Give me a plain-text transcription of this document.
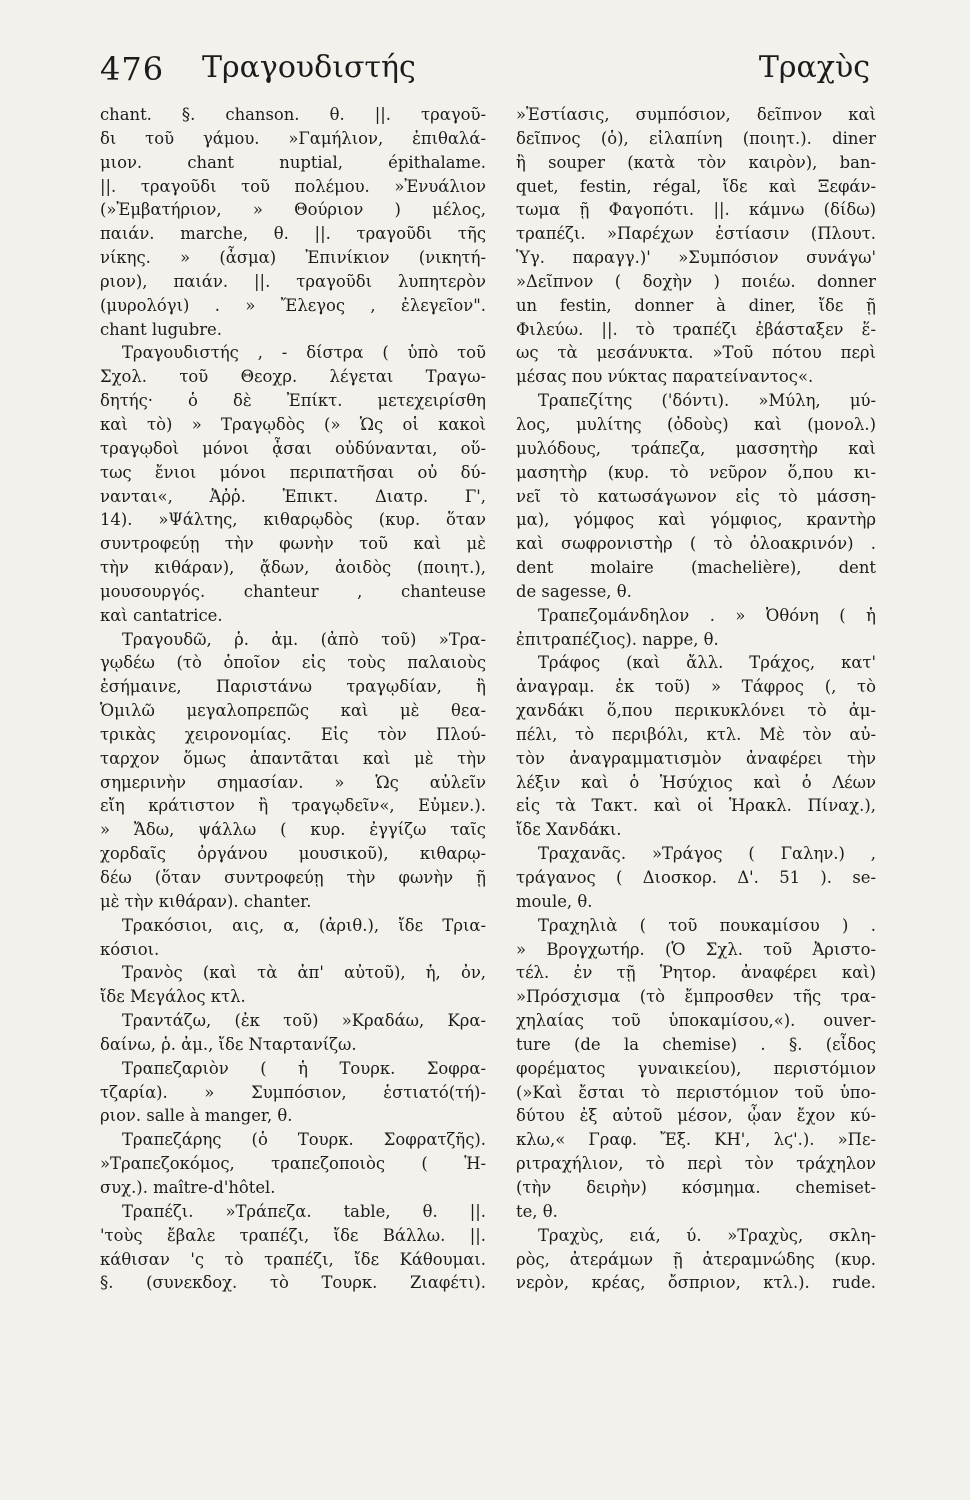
476 Τραγουδιστής	Τραχὺς
chant. §. chanson. θ. ||. τραγοῦ-
δι τοῦ γάμου. »Γαμήλιον, ἐπιθαλά-
μιον. chant nuptial, épithalame.
||. τραγοῦδι τοῦ πολέμου. »Ἐνυάλιον
(»Ἐμβατήριον, » Θούριον ) μέλος,
παιάν. marche, θ. ||. τραγοῦδι τῆς
νίκης. » (ἆσμα) Ἐπινίκιον (νικητή-
ριον), παιάν. ||. τραγοῦδι λυπητερὸν
(μυρολόγι) . » Ἔλεγος , ἐλεγεῖον".
chant lugubre.
Τραγουδιστής , - δίστρα ( ὑπὸ τοῦ
Σχολ. τοῦ Θεοχρ. λέγεται Τραγω-
δητής· ὁ δὲ Ἐπίκτ. μετεχειρίσθη
καὶ τὸ) » Τραγῳδὸς (» Ὡς οἱ κακοὶ
τραγῳδοὶ μόνοι ᾆσαι οὐδύνανται, οὕ-
τως ἔνιοι μόνοι περιπατῆσαι οὐ δύ-
νανται«, Ἀῤῥ. Ἐπικτ. Διατρ. Γ',
14). »Ψάλτης, κιθαρῳδὸς (κυρ. ὅταν
συντροφεύῃ τὴν φωνὴν τοῦ καὶ μὲ
τὴν κιθάραν), ᾄδων, ἀοιδὸς (ποιητ.),
μουσουργός. chanteur , chanteuse
καὶ cantatrice.
Τραγουδῶ, ῥ. ἀμ. (ἀπὸ τοῦ) »Τρα-
γῳδέω (τὸ ὁποῖον εἰς τοὺς παλαιοὺς
ἐσήμαινε, Παριστάνω τραγῳδίαν, ἢ
Ὁμιλῶ μεγαλοπρεπῶς καὶ μὲ θεα-
τρικὰς χειρονομίας. Εἰς τὸν Πλού-
ταρχον ὅμως ἀπαντᾶται καὶ μὲ τὴν
σημερινὴν σημασίαν. » Ὡς αὐλεῖν
εἴη κράτιστον ἢ τραγῳδεῖν«, Εὐμεν.).
» Ἄδω, ψάλλω ( κυρ. ἐγγίζω ταῖς
χορδαῖς ὀργάνου μουσικοῦ), κιθαρῳ-
δέω (ὅταν συντροφεύῃ τὴν φωνὴν ῇ
μὲ τὴν κιθάραν). chanter.
Τρακόσιοι, αις, α, (ἀριθ.), ἴδε Τρια-
κόσιοι.
Τρανὸς (καὶ τὰ ἀπ' αὐτοῦ), ἡ, ὀν,
ἴδε Μεγάλος κτλ.
Τραντάζω, (ἐκ τοῦ) »Κραδάω, Κρα-
δαίνω, ῥ. ἀμ., ἴδε Νταρτανίζω.
Τραπεζαριὸν ( ἡ Τουρκ. Σοφρα-
τζαρία). » Συμπόσιον, ἑστιατό(τή)-
ριον. salle à manger, θ.
Τραπεζάρης (ὁ Τουρκ. Σοφρατζῆς).
»Τραπεζοκόμος, τραπεζοποιὸς ( Ἡ-
συχ.). maître-d'hôtel.
Τραπέζι. »Τράπεζα. table, θ. ||.
'τοὺς ἔβαλε τραπέζι, ἴδε Βάλλω. ||.
κάθισαν 'ς τὸ τραπέζι, ἴδε Κάθουμαι.
§. (συνεκδοχ. τὸ Τουρκ. Ζιαφέτι).
»Ἑστίασις, συμπόσιον, δεῖπνον καὶ
δεῖπνος (ὁ), εἰλαπίνη (ποιητ.). diner
ἢ souper (κατὰ τὸν καιρὸν), ban-
quet, festin, régal, ἴδε καὶ Ξεφάν-
τωμα ῇ Φαγοπότι. ||. κάμνω (δίδω)
τραπέζι. »Παρέχων ἑστίασιν (Πλουτ.
Ὑγ. παραγγ.)' »Συμπόσιον συνάγω'
»Δεῖπνον ( δοχὴν ) ποιέω. donner
un festin, donner à diner, ἴδε ῇ
Φιλεύω. ||. τὸ τραπέζι ἐβάσταξεν ἕ-
ως τὰ μεσάνυκτα. »Τοῦ πότου περὶ
μέσας που νύκτας παρατείναντος«.
Τραπεζίτης ('δόντι). »Μύλη, μύ-
λος, μυλίτης (ὀδοὺς) καὶ (μονολ.)
μυλόδους, τράπεζα, μασσητὴρ καὶ
μασητὴρ (κυρ. τὸ νεῦρον ὅ,που κι-
νεῖ τὸ κατωσάγωνον εἰς τὸ μάσση-
μα), γόμφος καὶ γόμφιος, κραντὴρ
καὶ σωφρονιστὴρ ( τὸ ὀλοακρινόν) .
dent molaire (machelière), dent
de sagesse, θ.
Τραπεζομάνδηλον . » Ὀθόνη ( ἡ
ἐπιτραπέζιος). nappe, θ.
Τράφος (καὶ ἄλλ. Τράχος, κατ'
ἀναγραμ. ἐκ τοῦ) » Τάφρος (, τὸ
χανδάκι ὅ,που περικυκλόνει τὸ ἀμ-
πέλι, τὸ περιβόλι, κτλ. Μὲ τὸν αὐ-
τὸν ἀναγραμματισμὸν ἀναφέρει τὴν
λέξιν καὶ ὁ Ἡσύχιος καὶ ὁ Λέων
εἰς τὰ Τακτ. καὶ οἱ Ἡρακλ. Πίναχ.),
ἴδε Χανδάκι.
Τραχανᾶς. »Τράγος ( Γαλην.) ,
τράγανος ( Διοσκορ. Δ'. 51 ). se-
moule, θ.
Τραχηλιὰ ( τοῦ πουκαμίσου ) .
» Βρογχωτήρ. (Ὁ Σχλ. τοῦ Ἀριστο-
τέλ. ἐν τῇ Ῥητορ. ἀναφέρει καὶ)
»Πρόσχισμα (τὸ ἔμπροσθεν τῆς τρα-
χηλαίας τοῦ ὑποκαμίσου,«). ouver-
ture (de la chemise) . §. (εἶδος
φορέματος γυναικείου), περιστόμιον
(»Καὶ ἔσται τὸ περιστόμιον τοῦ ὑπο-
δύτου ἐξ αὐτοῦ μέσον, ᾦαν ἔχον κύ-
κλω,« Γραφ. Ἔξ. ΚΗ', λϛ'.). »Πε-
ριτραχήλιον, τὸ περὶ τὸν τράχηλον
(τὴν δειρὴν) κόσμημα. chemiset-
te, θ.
Τραχὺς, ειά, ύ. »Τραχὺς, σκλη-
ρὸς, ἀτεράμων ῇ ἀτεραμνώδης (κυρ.
νερὸν, κρέας, ὄσπριον, κτλ.). rude.
